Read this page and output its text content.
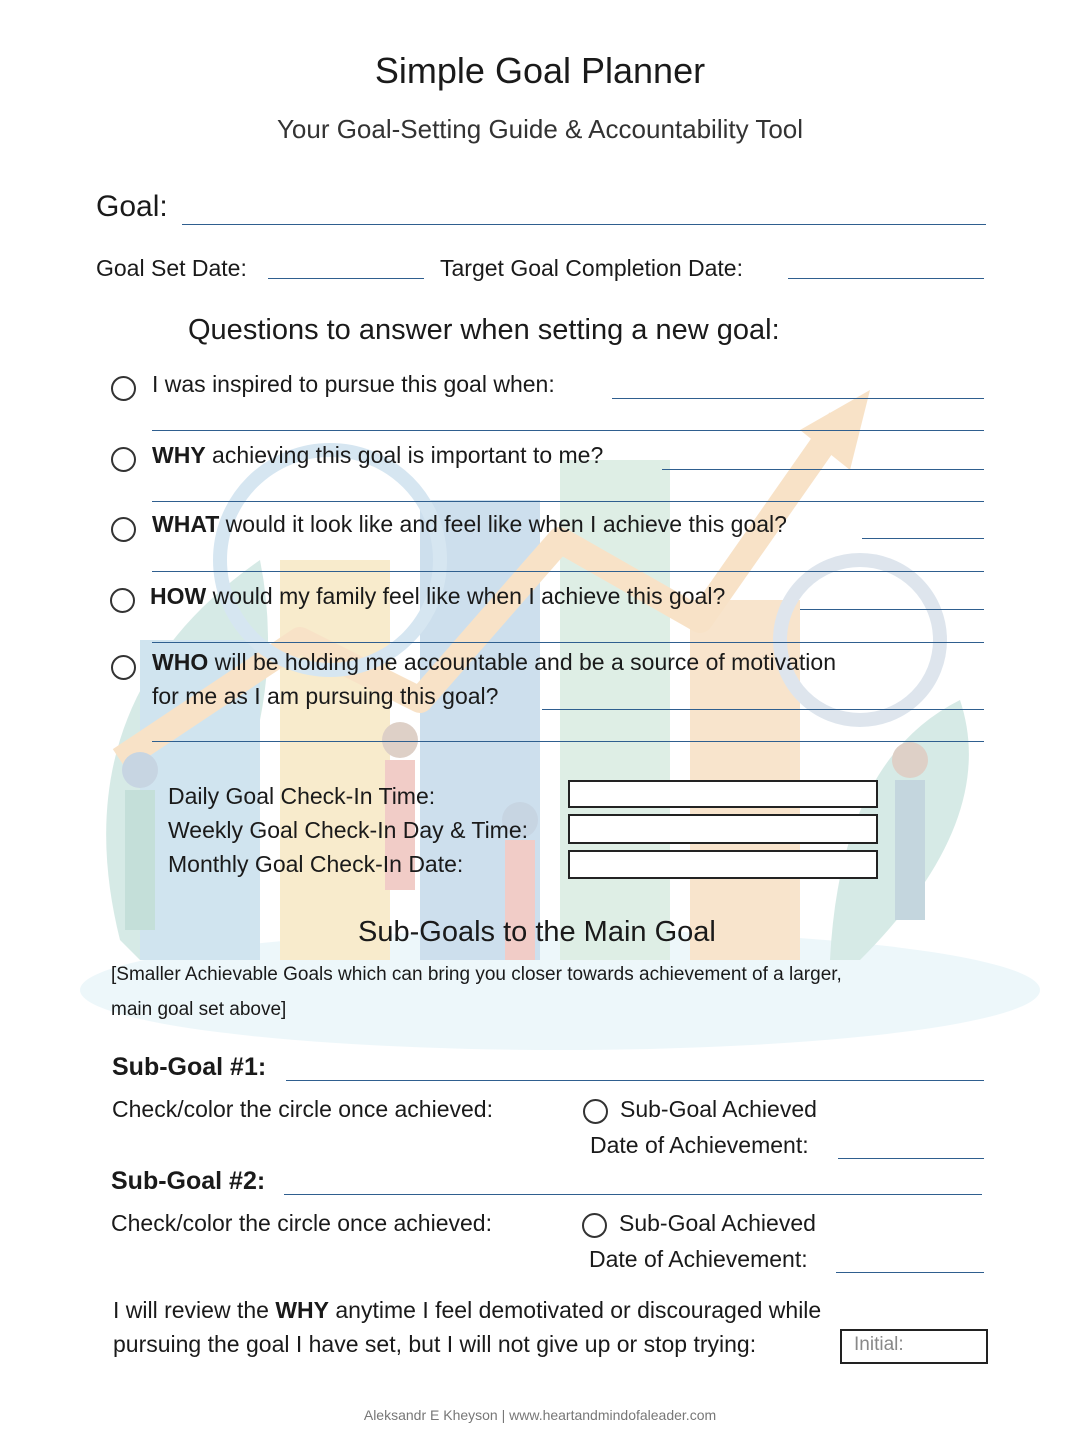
Simple Goal Planner
Your Goal-Setting Guide & Accountability Tool
Goal:
Goal Set Date:	Target Goal Completion Date:
Questions to answer when setting a new goal:
I was inspired to pursue this goal when:
WHY achieving this goal is important to me?
WHAT would it look like and feel like when I achieve this goal?
HOW would my family feel like when I achieve this goal?
WHO will be holding me accountable and be a source of motivation
for me as I am pursuing this goal?
Daily Goal Check-In Time:
Weekly Goal Check-In Day & Time:
Monthly Goal Check-In Date:
Sub-Goals to the Main Goal
[Smaller Achievable Goals which can bring you closer towards achievement of a larger,
main goal set above]
Sub-Goal #1:
Check/color the circle once achieved:	Sub-Goal Achieved
Date of Achievement:
Sub-Goal #2:
Check/color the circle once achieved:	Sub-Goal Achieved
Date of Achievement:
I will review the WHY anytime I feel demotivated or discouraged while
pursuing the goal I have set, but I will not give up or stop trying:	Initial:
Aleksandr E Kheyson | www.heartandmindofaleader.com
